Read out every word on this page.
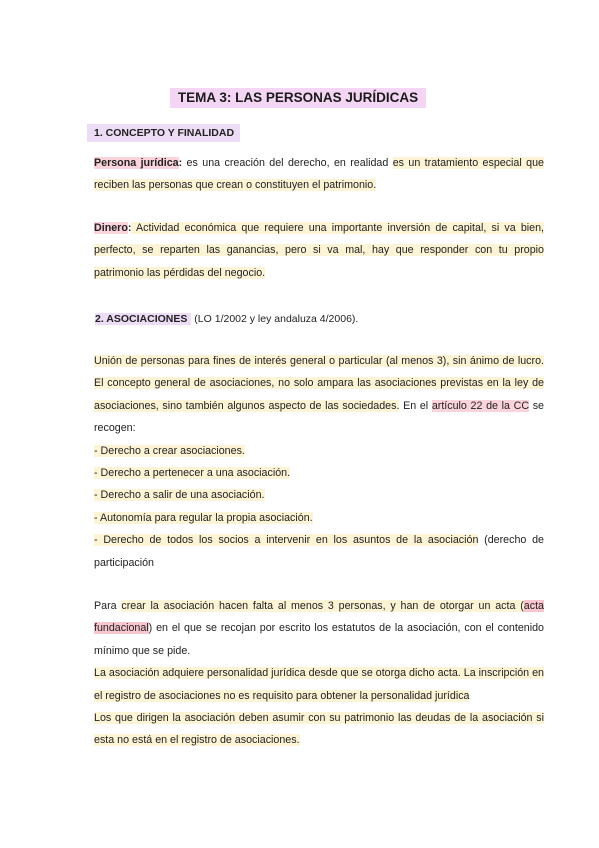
TEMA 3: LAS PERSONAS JURÍDICAS
1. CONCEPTO Y FINALIDAD
Persona jurídica: es una creación del derecho, en realidad es un tratamiento especial que reciben las personas que crean o constituyen el patrimonio.
Dinero: Actividad económica que requiere una importante inversión de capital, si va bien, perfecto, se reparten las ganancias, pero si va mal, hay que responder con tu propio patrimonio las pérdidas del negocio.
2. ASOCIACIONES (LO 1/2002 y ley andaluza 4/2006).
Unión de personas para fines de interés general o particular (al menos 3), sin ánimo de lucro. El concepto general de asociaciones, no solo ampara las asociaciones previstas en la ley de asociaciones, sino también algunos aspecto de las sociedades. En el artículo 22 de la CC se recogen:
- Derecho a crear asociaciones.
- Derecho a pertenecer a una asociación.
- Derecho a salir de una asociación.
- Autonomía para regular la propia asociación.
- Derecho de todos los socios a intervenir en los asuntos de la asociación (derecho de participación
Para crear la asociación hacen falta al menos 3 personas, y han de otorgar un acta (acta fundacional) en el que se recojan por escrito los estatutos de la asociación, con el contenido mínimo que se pide.
La asociación adquiere personalidad jurídica desde que se otorga dicho acta. La inscripción en el registro de asociaciones no es requisito para obtener la personalidad jurídica
Los que dirigen la asociación deben asumir con su patrimonio las deudas de la asociación si esta no está en el registro de asociaciones.
